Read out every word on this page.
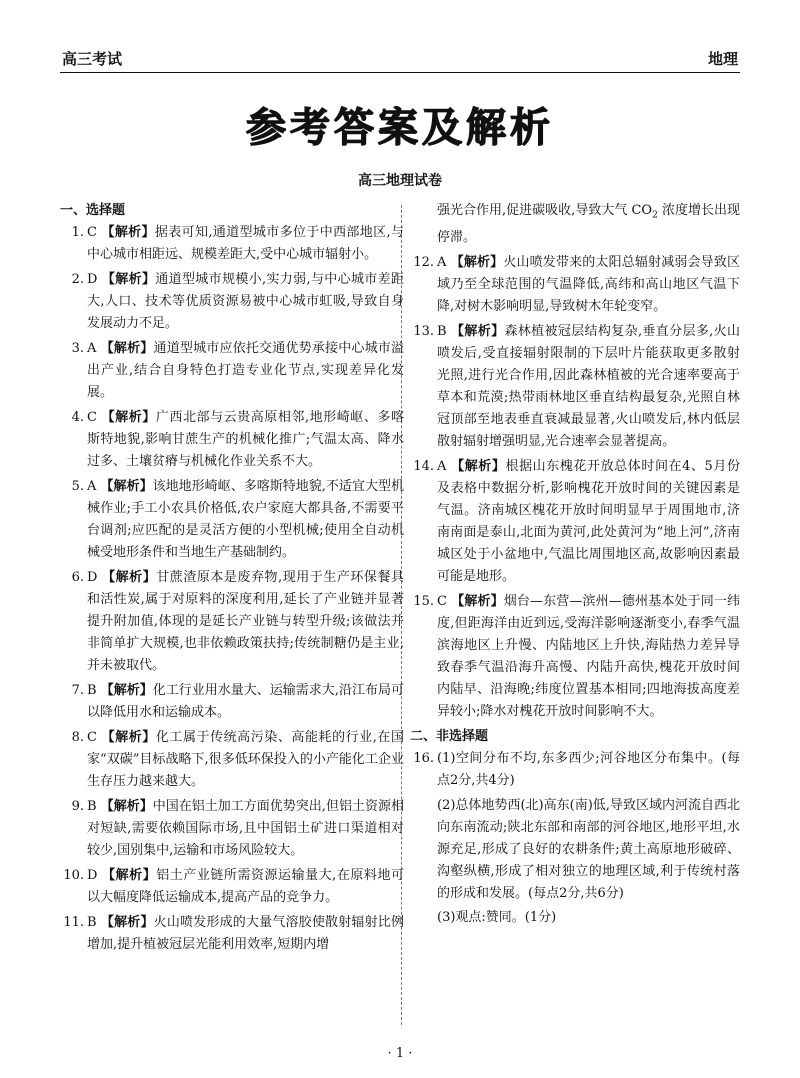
高三考试	地理
参考答案及解析
高三地理试卷
一、选择题
1. C 【解析】据表可知,通道型城市多位于中西部地区,与中心城市相距远、规模差距大,受中心城市辐射小。
2. D 【解析】通道型城市规模小,实力弱,与中心城市差距大,人口、技术等优质资源易被中心城市虹吸,导致自身发展动力不足。
3. A 【解析】通道型城市应依托交通优势承接中心城市溢出产业,结合自身特色打造专业化节点,实现差异化发展。
4. C 【解析】广西北部与云贵高原相邻,地形崎岖、多喀斯特地貌,影响甘蔗生产的机械化推广;气温太高、降水过多、土壤贫瘠与机械化作业关系不大。
5. A 【解析】该地地形崎岖、多喀斯特地貌,不适宜大型机械作业;手工小农具价格低,农户家庭大都具备,不需要平台调剂;应匹配的是灵活方便的小型机械;使用全自动机械受地形条件和当地生产基础制约。
6. D 【解析】甘蔗渣原本是废弃物,现用于生产环保餐具和活性炭,属于对原料的深度利用,延长了产业链并显著提升附加值,体现的是延长产业链与转型升级;该做法并非简单扩大规模,也非依赖政策扶持;传统制糖仍是主业,并未被取代。
7. B 【解析】化工行业用水量大、运输需求大,沿江布局可以降低用水和运输成本。
8. C 【解析】化工属于传统高污染、高能耗的行业,在国家“双碳”目标战略下,很多低环保投入的小产能化工企业生存压力越来越大。
9. B 【解析】中国在铝土加工方面优势突出,但铝土资源相对短缺,需要依赖国际市场,且中国铝土矿进口渠道相对较少,国别集中,运输和市场风险较大。
10. D 【解析】铝土产业链所需资源运输量大,在原料地可以大幅度降低运输成本,提高产品的竞争力。
11. B 【解析】火山喷发形成的大量气溶胶使散射辐射比例增加,提升植被冠层光能利用效率,短期内增
强光合作用,促进碳吸收,导致大气 $CO_2$ 浓度增长出现停滞。
12. A 【解析】火山喷发带来的太阳总辐射减弱会导致区域乃至全球范围的气温降低,高纬和高山地区气温下降,对树木影响明显,导致树木年轮变窄。
13. B 【解析】森林植被冠层结构复杂,垂直分层多,火山喷发后,受直接辐射限制的下层叶片能获取更多散射光照,进行光合作用,因此森林植被的光合速率要高于草本和荒漠;热带雨林地区垂直结构最复杂,光照自林冠顶部至地表垂直衰减最显著,火山喷发后,林内低层散射辐射增强明显,光合速率会显著提高。
14. A 【解析】根据山东槐花开放总体时间在4、5月份及表格中数据分析,影响槐花开放时间的关键因素是气温。济南城区槐花开放时间明显早于周围地市,济南南面是泰山,北面为黄河,此处黄河为“地上河”,济南城区处于小盆地中,气温比周围地区高,故影响因素最可能是地形。
15. C 【解析】烟台—东营—滨州—德州基本处于同一纬度,但距海洋由近到远,受海洋影响逐渐变小,春季气温滨海地区上升慢、内陆地区上升快,海陆热力差异导致春季气温沿海升高慢、内陆升高快,槐花开放时间内陆早、沿海晚;纬度位置基本相同;四地海拔高度差异较小;降水对槐花开放时间影响不大。
二、非选择题
16. (1)空间分布不均,东多西少;河谷地区分布集中。(每点2分,共4分)
(2)总体地势西(北)高东(南)低,导致区域内河流自西北向东南流动;陕北东部和南部的河谷地区,地形平坦,水源充足,形成了良好的农耕条件;黄土高原地形破碎、沟壑纵横,形成了相对独立的地理区域,利于传统村落的形成和发展。(每点2分,共6分)
(3)观点:赞同。(1分)
· 1 ·
